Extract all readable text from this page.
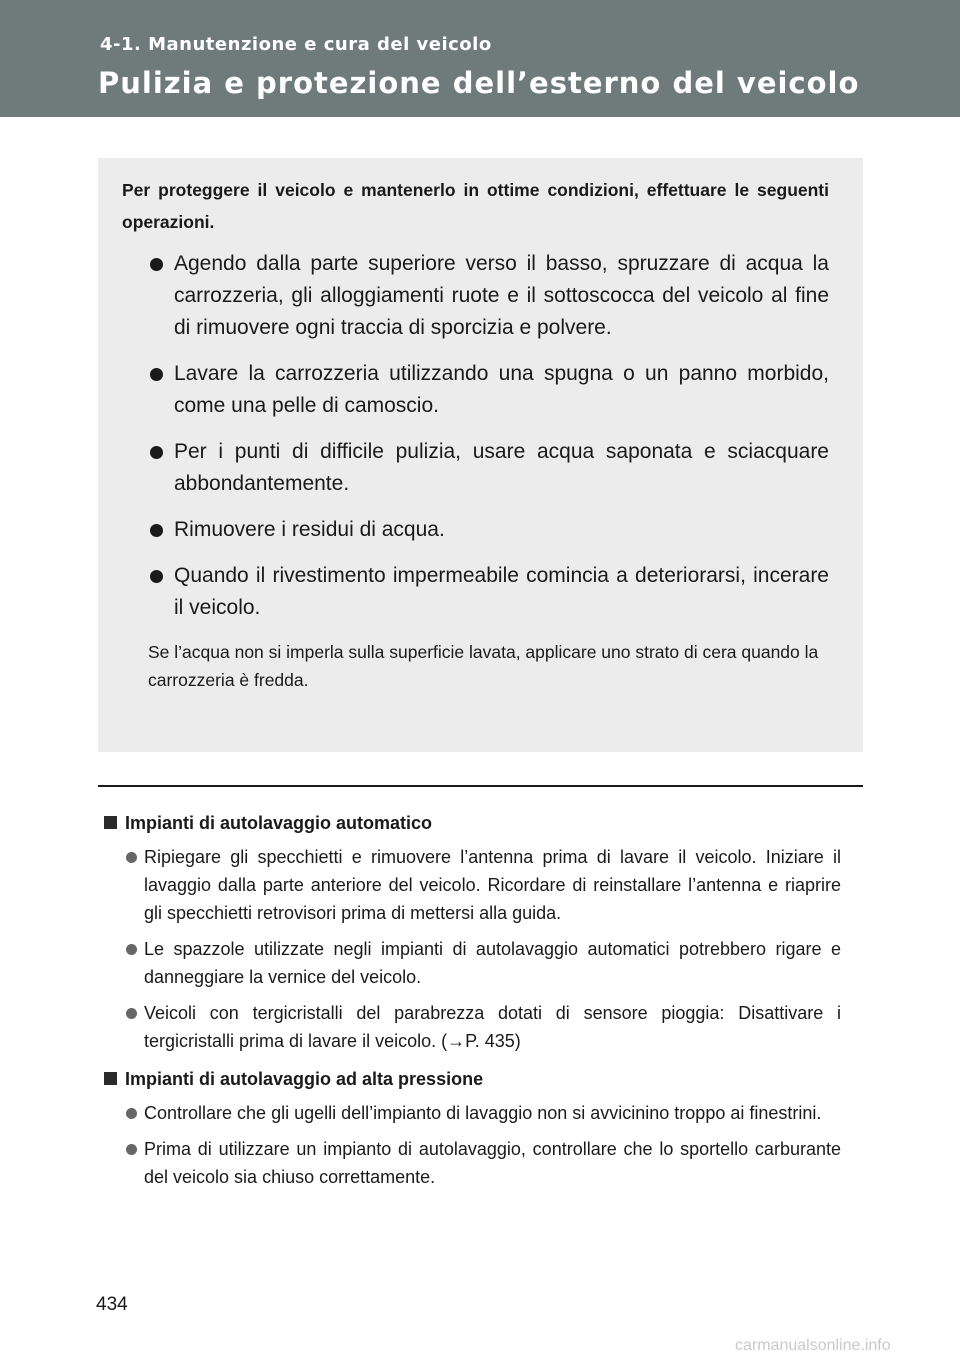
4-1. Manutenzione e cura del veicolo

Pulizia e protezione dell’esterno del veicolo

Per proteggere il veicolo e mantenerlo in ottime condizioni, effettuare le seguenti operazioni.

Agendo dalla parte superiore verso il basso, spruzzare di acqua la carrozzeria, gli alloggiamenti ruote e il sottoscocca del veicolo al fine di rimuovere ogni traccia di sporcizia e polvere.
Lavare la carrozzeria utilizzando una spugna o un panno morbido, come una pelle di camoscio.
Per i punti di difficile pulizia, usare acqua saponata e sciacquare abbondantemente.
Rimuovere i residui di acqua.
Quando il rivestimento impermeabile comincia a deteriorarsi, incerare il veicolo.

Se l’acqua non si imperla sulla superficie lavata, applicare uno strato di cera quando la carrozzeria è fredda.

Impianti di autolavaggio automatico
Ripiegare gli specchietti e rimuovere l’antenna prima di lavare il veicolo. Iniziare il lavaggio dalla parte anteriore del veicolo. Ricordare di reinstallare l’antenna e riaprire gli specchietti retrovisori prima di mettersi alla guida.
Le spazzole utilizzate negli impianti di autolavaggio automatici potrebbero rigare e danneggiare la vernice del veicolo.
Veicoli con tergicristalli del parabrezza dotati di sensore pioggia: Disattivare i tergicristalli prima di lavare il veicolo. (→P. 435)
Impianti di autolavaggio ad alta pressione
Controllare che gli ugelli dell’impianto di lavaggio non si avvicinino troppo ai finestrini.
Prima di utilizzare un impianto di autolavaggio, controllare che lo sportello carburante del veicolo sia chiuso correttamente.
434
carmanualsonline.info
